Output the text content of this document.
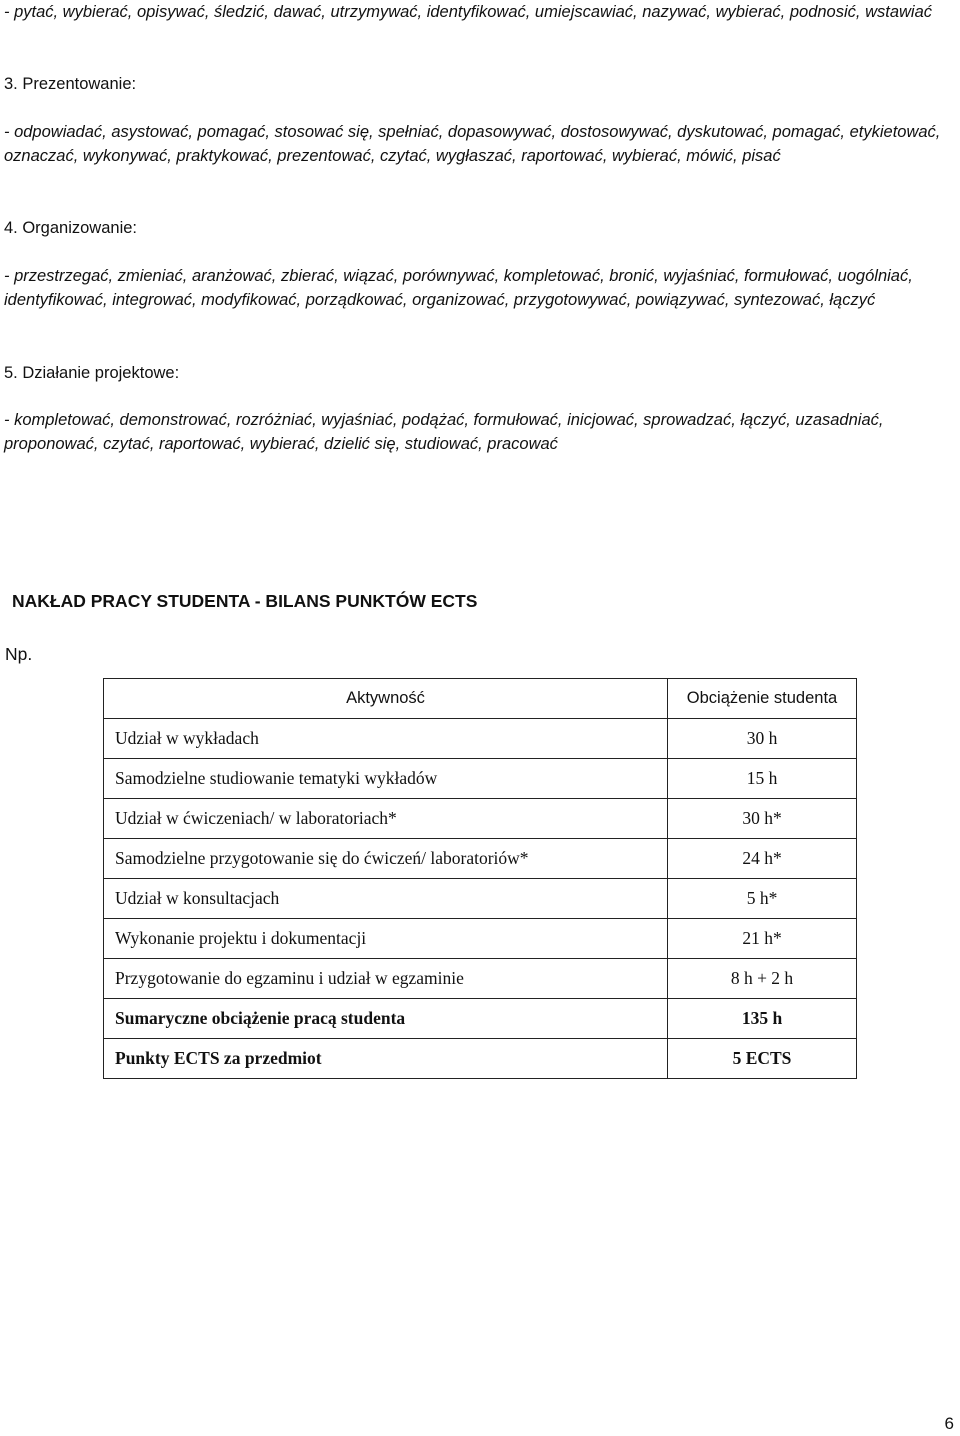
- pytać, wybierać, opisywać, śledzić, dawać, utrzymywać, identyfikować, umiejscawiać, nazywać, wybierać, podnosić, wstawiać
3. Prezentowanie:
- odpowiadać, asystować, pomagać, stosować się, spełniać, dopasowywać, dostosowywać, dyskutować, pomagać, etykietować, oznaczać, wykonywać, praktykować, prezentować, czytać, wygłaszać, raportować, wybierać, mówić, pisać
4. Organizowanie:
- przestrzegać, zmieniać, aranżować, zbierać, wiązać, porównywać, kompletować, bronić, wyjaśniać, formułować, uogólniać, identyfikować, integrować, modyfikować, porządkować, organizować, przygotowywać, powiązywać, syntezować, łączyć
5. Działanie projektowe:
- kompletować, demonstrować, rozróżniać, wyjaśniać, podążać, formułować, inicjować, sprowadzać, łączyć, uzasadniać, proponować, czytać, raportować, wybierać, dzielić się, studiować, pracować
NAKŁAD PRACY STUDENTA - BILANS PUNKTÓW ECTS
Np.
Aktywność	Obciążenie studenta
Udział w wykładach	30 h
Samodzielne studiowanie tematyki wykładów	15 h
Udział w ćwiczeniach/ w laboratoriach*	30 h*
Samodzielne przygotowanie się do ćwiczeń/ laboratoriów*	24 h*
Udział w konsultacjach	5 h*
Wykonanie projektu i dokumentacji	21 h*
Przygotowanie do egzaminu i udział w egzaminie	8 h + 2 h
Sumaryczne obciążenie pracą studenta	135 h
Punkty ECTS za przedmiot	5 ECTS
6
